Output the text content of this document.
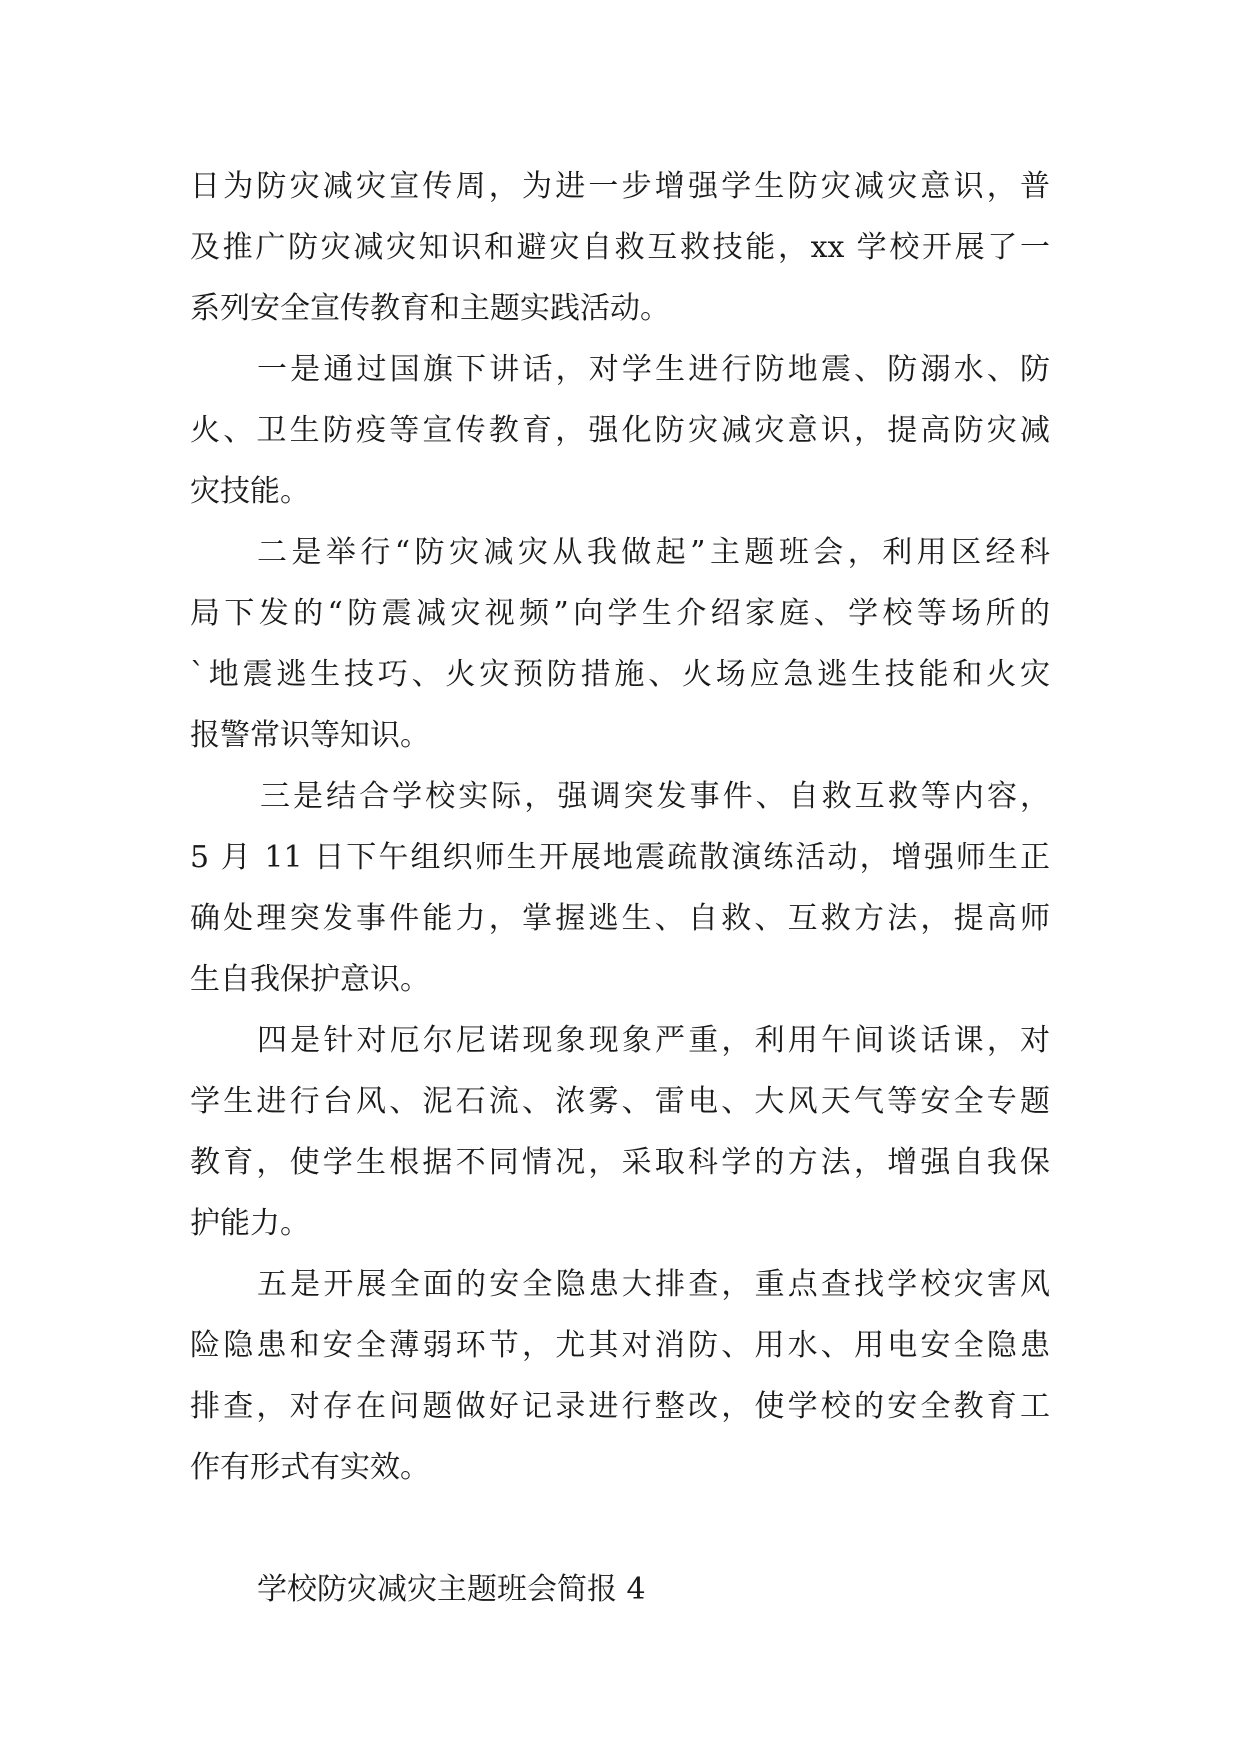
日为防灾减灾宣传周，为进一步增强学生防灾减灾意识，普
及推广防灾减灾知识和避灾自救互救技能，xx 学校开展了一
系列安全宣传教育和主题实践活动。
一是通过国旗下讲话，对学生进行防地震、防溺水、防
火、卫生防疫等宣传教育，强化防灾减灾意识，提高防灾减
灾技能。
二是举行“防灾减灾从我做起”主题班会，利用区经科
局下发的“防震减灾视频”向学生介绍家庭、学校等场所的
`地震逃生技巧、火灾预防措施、火场应急逃生技能和火灾
报警常识等知识。
三是结合学校实际，强调突发事件、自救互救等内容，
5 月 11 日下午组织师生开展地震疏散演练活动，增强师生正
确处理突发事件能力，掌握逃生、自救、互救方法，提高师
生自我保护意识。
四是针对厄尔尼诺现象现象严重，利用午间谈话课，对
学生进行台风、泥石流、浓雾、雷电、大风天气等安全专题
教育，使学生根据不同情况，采取科学的方法，增强自我保
护能力。
五是开展全面的安全隐患大排查，重点查找学校灾害风
险隐患和安全薄弱环节，尤其对消防、用水、用电安全隐患
排查，对存在问题做好记录进行整改，使学校的安全教育工
作有形式有实效。
学校防灾减灾主题班会简报 4
